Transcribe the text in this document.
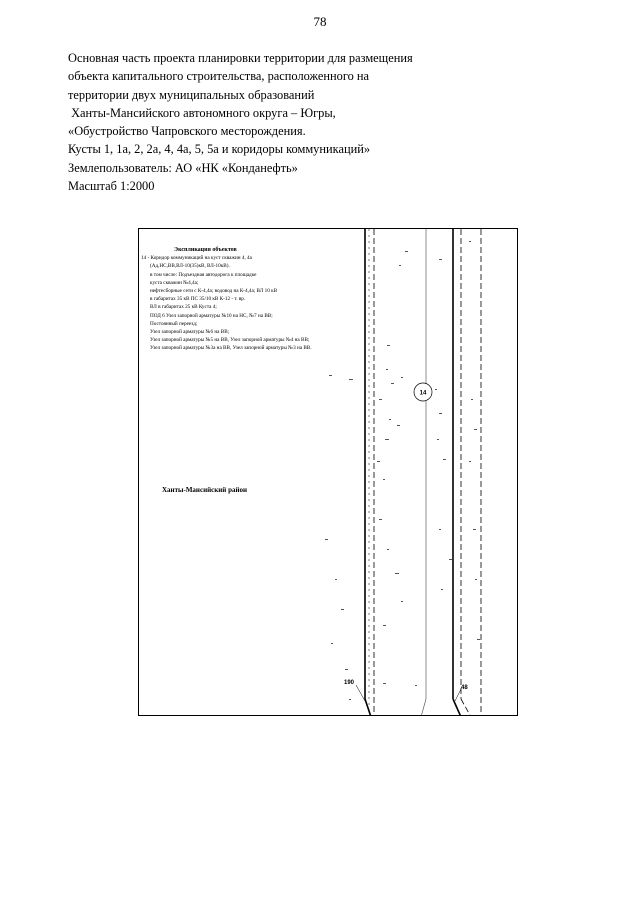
78
Основная часть проекта планировки территории для размещения
объекта капитального строительства, расположенного на
территории двух муниципальных образований
Ханты-Мансийского автономного округа – Югры,
«Обустройство Чапровского месторождения.
Кусты 1, 1а, 2, 2а, 4, 4а, 5, 5а и коридоры коммуникаций»
Землепользователь: АО «НК «Конданефть»
Масштаб 1:2000
14
190
48
Экспликация объектов
14 - Коридор коммуникаций на куст скважин 4, 4а
(Ад,НС,ВВ,ВЛ-10(35)кВ, ВЛ-10кВ).
в том числе: Подъездная автодорога к площадке
куста скважин №4,4а;
нефтесборные сети с К-4,4а; водовод на К-4,4а; ВЛ 10 кВ
в габаритах 35 кВ ПС 35/10 кВ К-12 - т. вр.
ВЛ в габаритах 25 кВ Куста 4;
ПОД 6 Узел запорной арматуры №10 на НС, №7 на ВВ;
Постоянный переезд;
Узел запорной арматуры №6 на ВВ;
Узел запорной арматуры №5 на ВВ, Узел запорной арматуры №4 на ВВ;
Узел запорной арматуры №3а на ВВ, Узел запорной арматуры №3 на ВВ.
Ханты-Мансийский район
